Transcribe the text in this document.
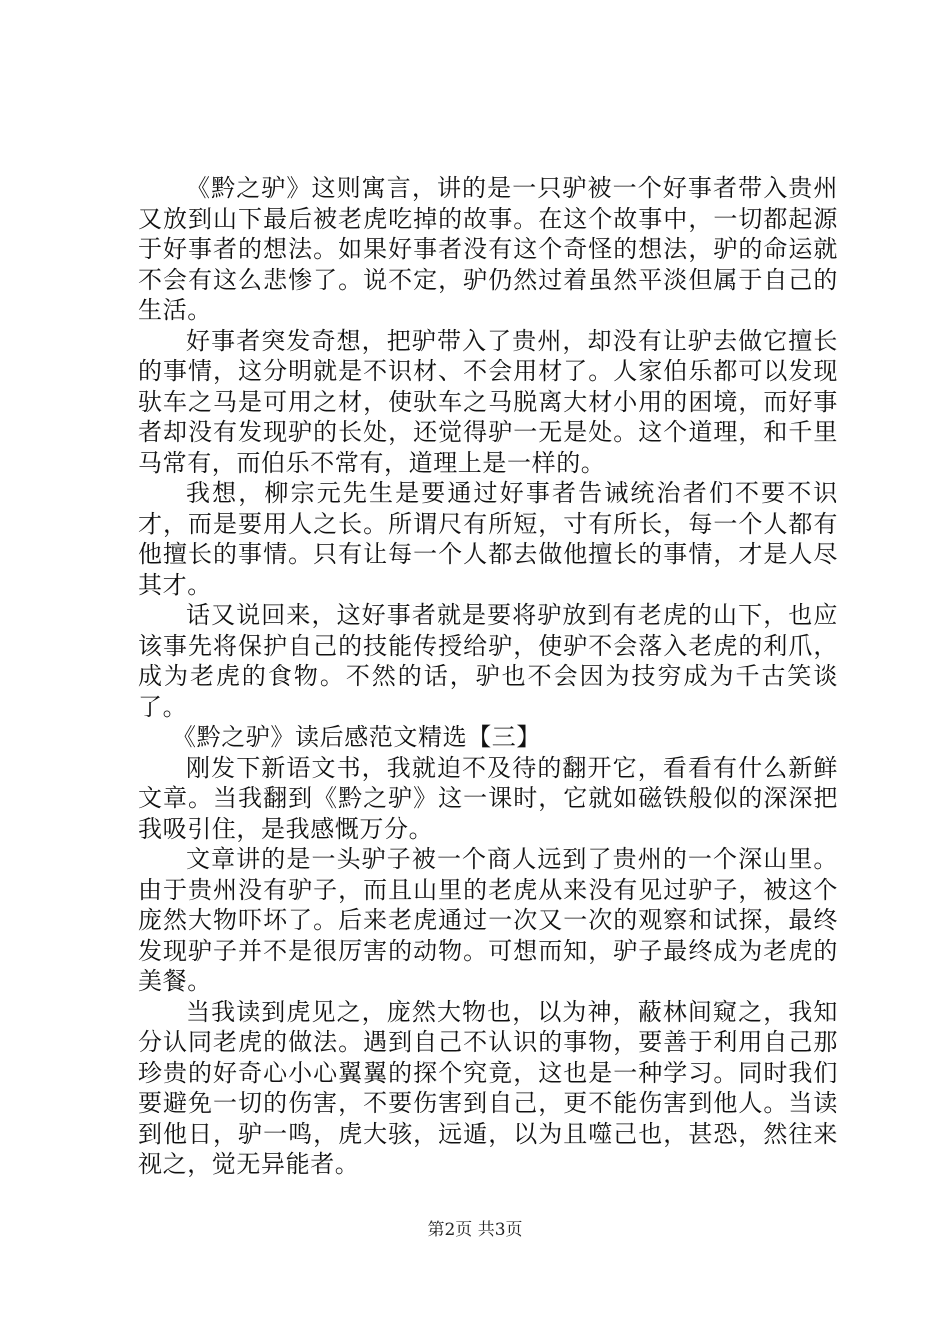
《黔之驴》这则寓言，讲的是一只驴被一个好事者带入贵州又放到山下最后被老虎吃掉的故事。在这个故事中，一切都起源于好事者的想法。如果好事者没有这个奇怪的想法，驴的命运就不会有这么悲惨了。说不定，驴仍然过着虽然平淡但属于自己的生活。

好事者突发奇想，把驴带入了贵州，却没有让驴去做它擅长的事情，这分明就是不识材、不会用材了。人家伯乐都可以发现驮车之马是可用之材，使驮车之马脱离大材小用的困境，而好事者却没有发现驴的长处，还觉得驴一无是处。这个道理，和千里马常有，而伯乐不常有，道理上是一样的。

我想，柳宗元先生是要通过好事者告诫统治者们不要不识才，而是要用人之长。所谓尺有所短，寸有所长，每一个人都有他擅长的事情。只有让每一个人都去做他擅长的事情，才是人尽其才。

话又说回来，这好事者就是要将驴放到有老虎的山下，也应该事先将保护自己的技能传授给驴，使驴不会落入老虎的利爪，成为老虎的食物。不然的话，驴也不会因为技穷成为千古笑谈了。

《黔之驴》读后感范文精选【三】

刚发下新语文书，我就迫不及待的翻开它，看看有什么新鲜文章。当我翻到《黔之驴》这一课时，它就如磁铁般似的深深把我吸引住，是我感慨万分。

文章讲的是一头驴子被一个商人远到了贵州的一个深山里。由于贵州没有驴子，而且山里的老虎从来没有见过驴子，被这个庞然大物吓坏了。后来老虎通过一次又一次的观察和试探，最终发现驴子并不是很厉害的动物。可想而知，驴子最终成为老虎的美餐。

当我读到虎见之，庞然大物也，以为神，蔽林间窥之，我知分认同老虎的做法。遇到自己不认识的事物，要善于利用自己那珍贵的好奇心小心翼翼的探个究竟，这也是一种学习。同时我们要避免一切的伤害，不要伤害到自己，更不能伤害到他人。当读到他日，驴一鸣，虎大骇，远遁，以为且噬己也，甚恐，然往来视之，觉无异能者。

第2页 共3页
